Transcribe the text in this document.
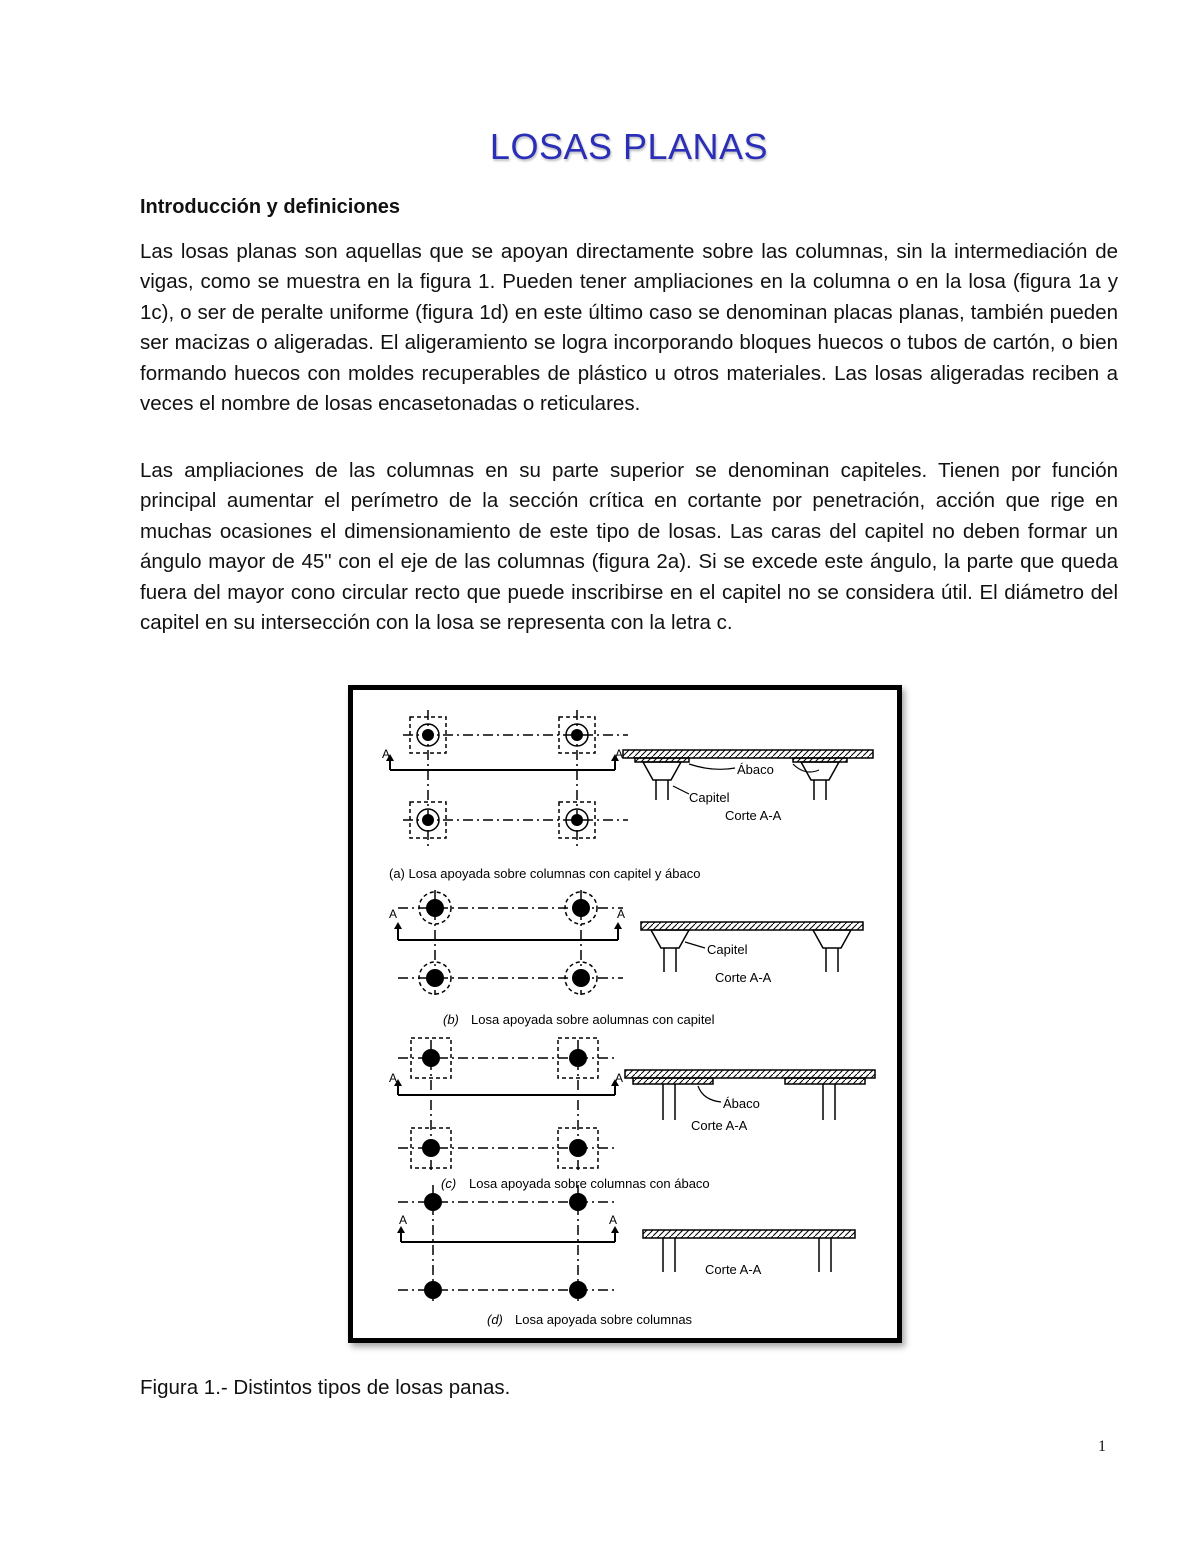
LOSAS PLANAS
Introducción y definiciones

Las losas planas son aquellas que se apoyan directamente sobre las columnas, sin la intermediación de vigas, como se muestra en la figura 1. Pueden tener ampliaciones en la columna o en la losa (figura 1a y 1c), o ser de peralte uniforme (figura 1d) en este último caso se denominan placas planas, también pueden ser macizas o aligeradas. El aligeramiento se logra incorporando bloques huecos o tubos de cartón, o bien formando huecos con moldes recuperables de plástico u otros materiales. Las losas aligeradas reciben a veces el nombre de losas encasetonadas o reticulares.

Las ampliaciones de las columnas en su parte superior se denominan capiteles. Tienen por función principal aumentar el perímetro de la sección crítica en cortante por penetración, acción que rige en muchas ocasiones el dimensionamiento de este tipo de losas. Las caras del capitel no deben formar un ángulo mayor de 45" con el eje de las columnas (figura 2a). Si se excede este ángulo, la parte que queda fuera del mayor cono circular recto que puede inscribirse en el capitel no se considera útil. El diámetro del capitel en su intersección con la losa se representa con la letra c.

A	A
Ábaco
Capitel
Corte A-A
(a) Losa apoyada sobre columnas con capitel y ábaco
A	A
Capitel
Corte A-A
(b) Losa apoyada sobre aolumnas con capitel
A	A
Ábaco
Corte A-A
(c) Losa apoyada sobre columnas con ábaco
A	A
Corte A-A
(d) Losa apoyada sobre columnas
Figura 1.- Distintos tipos de losas panas.
1
